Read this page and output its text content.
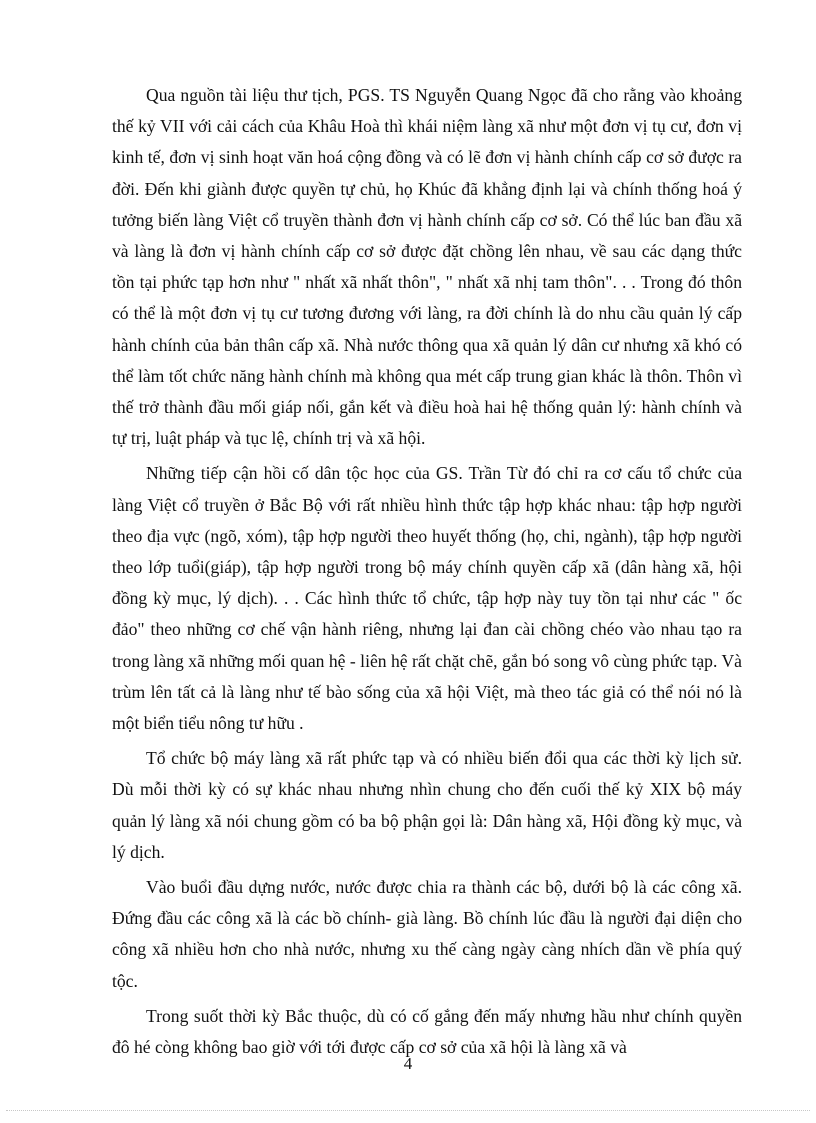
Qua nguồn tài liệu thư tịch, PGS. TS Nguyễn Quang Ngọc đã cho rằng vào khoảng thế kỷ VII với cải cách của Khâu Hoà thì khái niệm làng xã như một đơn vị tụ cư, đơn vị kinh tế, đơn vị sinh hoạt văn hoá cộng đồng và có lẽ đơn vị hành chính cấp cơ sở được ra đời. Đến khi giành được quyền tự chủ, họ Khúc đã khẳng định lại và chính thống hoá ý tưởng biến làng Việt cổ truyền thành đơn vị hành chính cấp cơ sở. Có thể lúc ban đầu xã và làng là đơn vị hành chính cấp cơ sở được đặt chồng lên nhau, về sau các dạng thức tồn tại phức tạp hơn như " nhất xã nhất thôn", " nhất xã nhị tam thôn". . . Trong đó thôn có thể là một đơn vị tụ cư tương đương với làng, ra đời chính là do nhu cầu quản lý cấp hành chính của bản thân cấp xã. Nhà nước thông qua xã quản lý dân cư nhưng xã khó có thể làm tốt chức năng hành chính mà không qua mét cấp trung gian khác là thôn. Thôn vì thế trở thành đầu mối giáp nối, gắn kết và điều hoà hai hệ thống quản lý: hành chính và tự trị, luật pháp và tục lệ, chính trị và xã hội.

Những tiếp cận hồi cố dân tộc học của GS. Trần Từ đó chỉ ra cơ cấu tổ chức của làng Việt cổ truyền ở Bắc Bộ với rất nhiều hình thức tập hợp khác nhau: tập hợp người theo địa vực (ngõ, xóm), tập hợp người theo huyết thống (họ, chi, ngành), tập hợp người theo lớp tuổi(giáp), tập hợp người trong bộ máy chính quyền cấp xã (dân hàng xã, hội đồng kỳ mục, lý dịch). . . Các hình thức tổ chức, tập hợp này tuy tồn tại như các " ốc đảo" theo những cơ chế vận hành riêng, nhưng lại đan cài chồng chéo vào nhau tạo ra trong làng xã những mối quan hệ - liên hệ rất chặt chẽ, gắn bó song vô cùng phức tạp. Và trùm lên tất cả là làng như tế bào sống của xã hội Việt, mà theo tác giả có thể nói nó là một biển tiểu nông tư hữu .

Tổ chức bộ máy làng xã rất phức tạp và có nhiều biến đổi qua các thời kỳ lịch sử. Dù mỗi thời kỳ có sự khác nhau nhưng nhìn chung cho đến cuối thế kỷ XIX bộ máy quản lý làng xã nói chung gồm có ba bộ phận gọi là: Dân hàng xã, Hội đồng kỳ mục, và lý dịch.

Vào buổi đầu dựng nước, nước được chia ra thành các bộ, dưới bộ là các công xã. Đứng đầu các công xã là các bồ chính- già làng. Bồ chính lúc đầu là người đại diện cho công xã nhiều hơn cho nhà nước, nhưng xu thế càng ngày càng nhích dần về phía quý tộc.

Trong suốt thời kỳ Bắc thuộc, dù có cố gắng đến mấy nhưng hầu như chính quyền đô hé còng không bao giờ với tới được cấp cơ sở của xã hội là làng xã và

4
